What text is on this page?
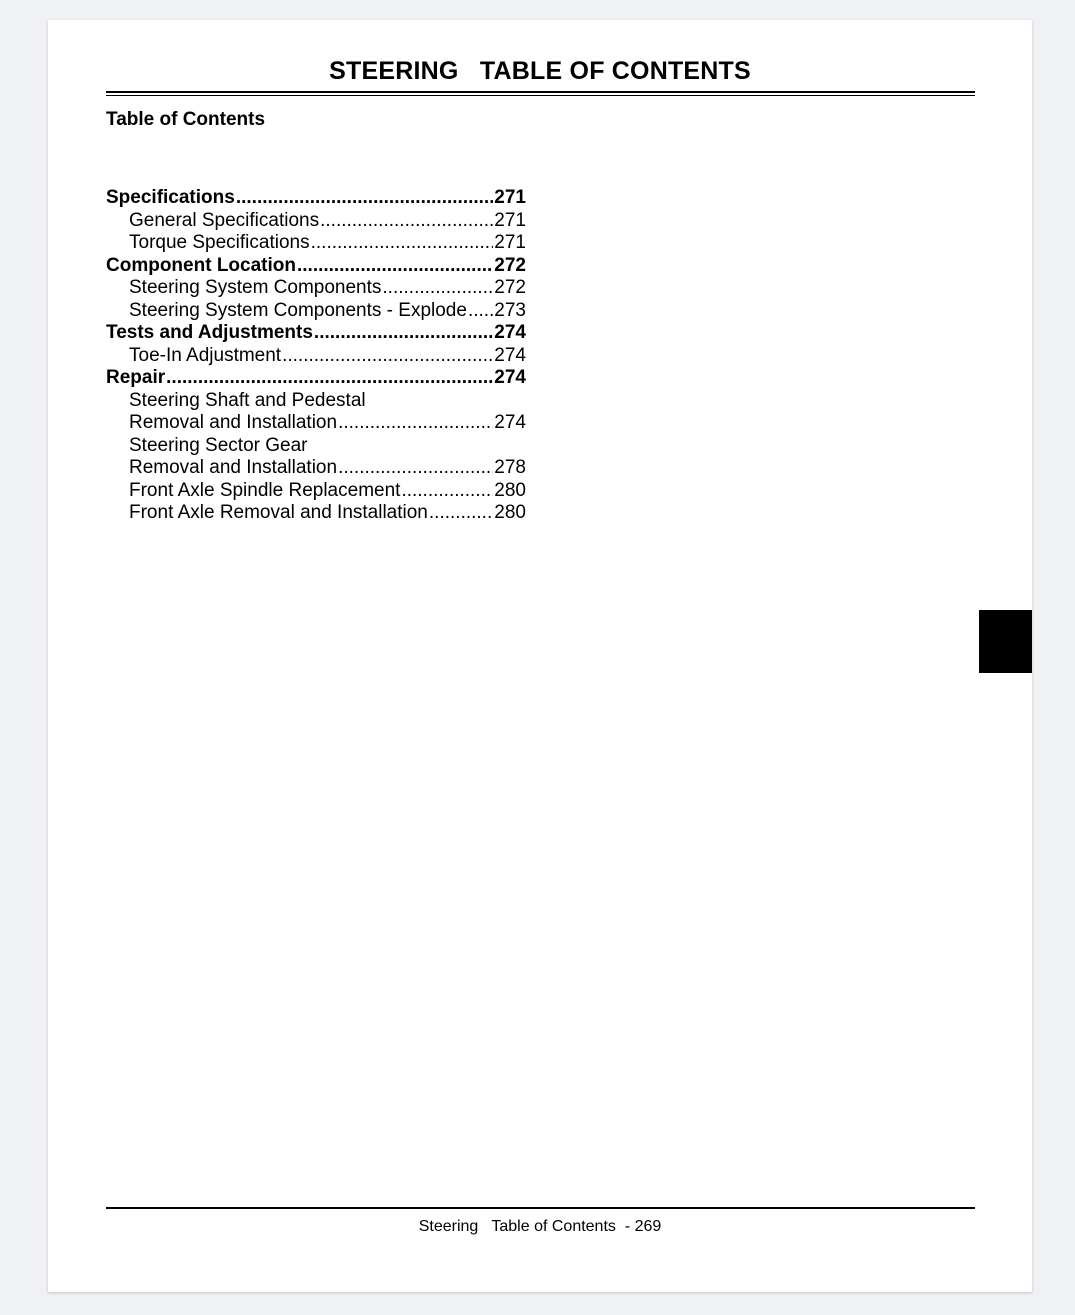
STEERING   TABLE OF CONTENTS
Table of Contents
Specifications .....	271
General Specifications .....	271
Torque Specifications .....	271
Component Location .....	272
Steering System Components .....	272
Steering System Components - Explode ..... 273
Tests and Adjustments .....	274
Toe-In Adjustment .....	274
Repair .....	274
Steering Shaft and Pedestal
Removal and Installation .....	274
Steering Sector Gear
Removal and Installation .....	278
Front Axle Spindle Replacement .....	280
Front Axle Removal and Installation .....	280
Steering   Table of Contents  - 269
